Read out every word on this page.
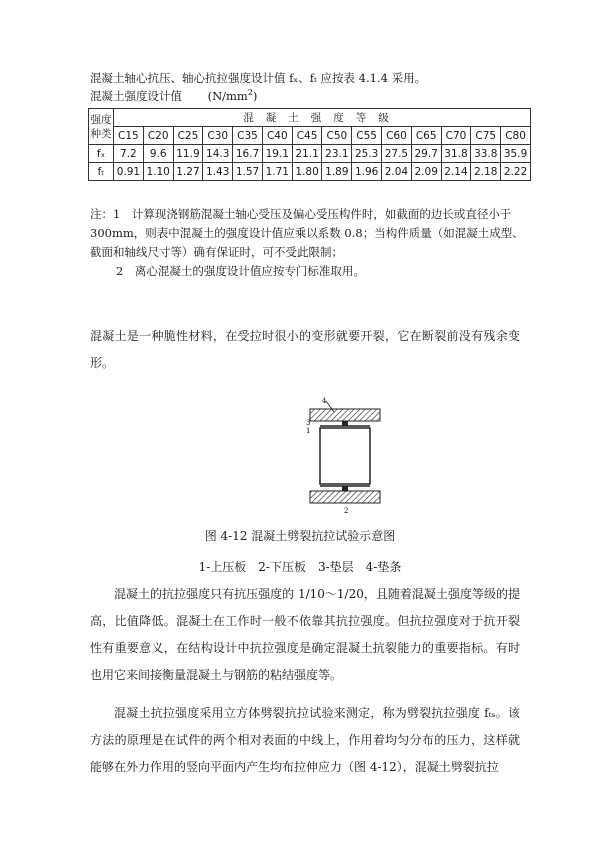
混凝土轴心抗压、轴心抗拉强度设计值 fₓ、fₜ 应按表 4.1.4 采用。
混凝土强度设计值 $(N/mm^2)$
强度
种类	混凝土强度等级													
	C15	C20	C25	C30	C35	C40	C45	C50	C55	C60	C65	C70	C75	C80
fₓ	7.2	9.6	11.9	14.3	16.7	19.1	21.1	23.1	25.3	27.5	29.7	31.8	33.8	35.9
fₜ	0.91	1.10	1.27	1.43	1.57	1.71	1.80	1.89	1.96	2.04	2.09	2.14	2.18	2.22

注：1　计算现浇钢筋混凝土轴心受压及偏心受压构件时，如截面的边长或直径小于 300mm，则表中混凝土的强度设计值应乘以系数 0.8；当构件质量（如混凝土成型、截面和轴线尺寸等）确有保证时，可不受此限制；

2　离心混凝土的强度设计值应按专门标准取用。

混凝土是一种脆性材料，在受拉时很小的变形就要开裂，它在断裂前没有残余变形。

4
3
1
2
图 4-12 混凝土劈裂抗拉试验示意图
1-上压板　2-下压板　3-垫层　4-垫条

混凝土的抗拉强度只有抗压强度的 1/10～1/20，且随着混凝土强度等级的提高，比值降低。混凝土在工作时一般不依靠其抗拉强度。但抗拉强度对于抗开裂性有重要意义，在结构设计中抗拉强度是确定混凝土抗裂能力的重要指标。有时也用它来间接衡量混凝土与钢筋的粘结强度等。

混凝土抗拉强度采用立方体劈裂抗拉试验来测定，称为劈裂抗拉强度 fₜₛ。该方法的原理是在试件的两个相对表面的中线上，作用着均匀分布的压力，这样就能够在外力作用的竖向平面内产生均布拉伸应力（图 4-12），混凝土劈裂抗拉
